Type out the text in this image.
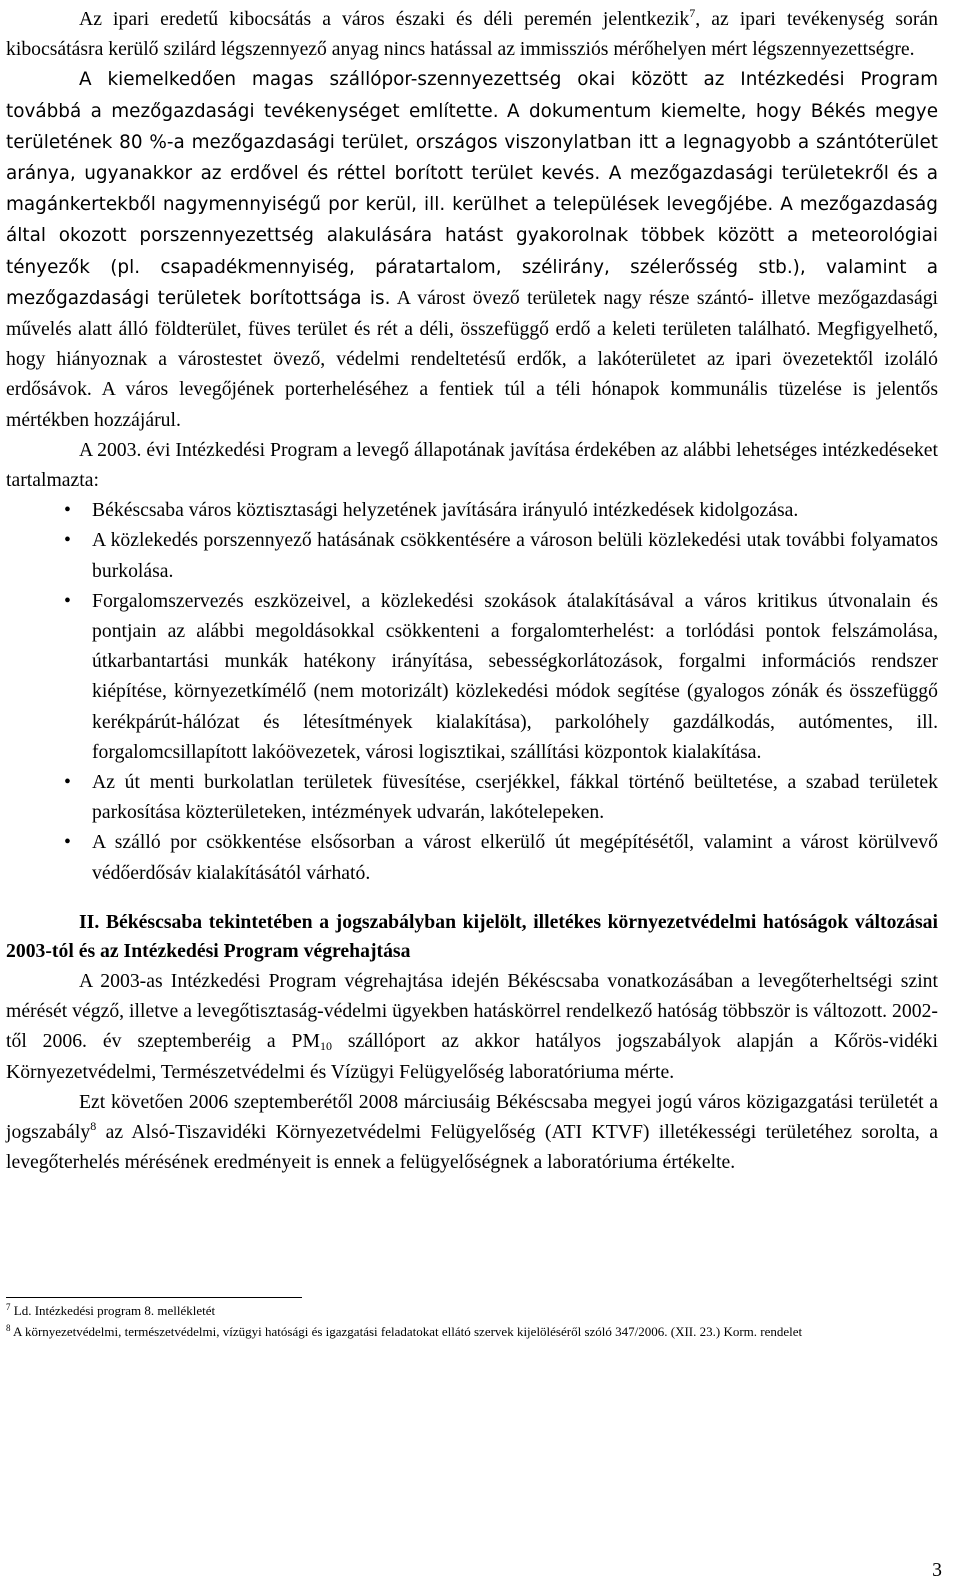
Az ipari eredetű kibocsátás a város északi és déli peremén jelentkezik$^7$, az ipari tevékenység során kibocsátásra kerülő szilárd légszennyező anyag nincs hatással az immissziós mérőhelyen mért légszennyezettségre.
A kiemelkedően magas szállópor-szennyezettség okai között az Intézkedési Program továbbá a mezőgazdasági tevékenységet említette. A dokumentum kiemelte, hogy Békés megye területének 80 %-a mezőgazdasági terület, országos viszonylatban itt a legnagyobb a szántóterület aránya, ugyanakkor az erdővel és réttel borított terület kevés. A mezőgazdasági területekről és a magánkertekből nagymennyiségű por kerül, ill. kerülhet a települések levegőjébe. A mezőgazdaság által okozott porszennyezettség alakulására hatást gyakorolnak többek között a meteorológiai tényezők (pl. csapadékmennyiség, páratartalom, szélirány, szélerősség stb.), valamint a mezőgazdasági területek borítottsága is. A várost övező területek nagy része szántó- illetve mezőgazdasági művelés alatt álló földterület, füves terület és rét a déli, összefüggő erdő a keleti területen található. Megfigyelhető, hogy hiányoznak a várostestet övező, védelmi rendeltetésű erdők, a lakóterületet az ipari övezetektől izoláló erdősávok. A város levegőjének porterheléséhez a fentiek túl a téli hónapok kommunális tüzelése is jelentős mértékben hozzájárul.

A 2003. évi Intézkedési Program a levegő állapotának javítása érdekében az alábbi lehetséges intézkedéseket tartalmazta:

• Békéscsaba város köztisztasági helyzetének javítására irányuló intézkedések kidolgozása.
• A közlekedés porszennyező hatásának csökkentésére a városon belüli közlekedési utak további folyamatos burkolása.
• Forgalomszervezés eszközeivel, a közlekedési szokások átalakításával a város kritikus útvonalain és pontjain az alábbi megoldásokkal csökkenteni a forgalomterhelést: a torlódási pontok felszámolása, útkarbantartási munkák hatékony irányítása, sebességkorlátozások, forgalmi információs rendszer kiépítése, környezetkímélő (nem motorizált) közlekedési módok segítése (gyalogos zónák és összefüggő kerékpárút-hálózat és létesítmények kialakítása), parkolóhely gazdálkodás, autómentes, ill. forgalomcsillapított lakóövezetek, városi logisztikai, szállítási központok kialakítása.
• Az út menti burkolatlan területek füvesítése, cserjékkel, fákkal történő beültetése, a szabad területek parkosítása közterületeken, intézmények udvarán, lakótelepeken.
• A szálló por csökkentése elsősorban a várost elkerülő út megépítésétől, valamint a várost körülvevő védőerdősáv kialakításától várható.
II. Békéscsaba tekintetében a jogszabályban kijelölt, illetékes környezetvédelmi hatóságok változásai 2003-tól és az Intézkedési Program végrehajtása

A 2003-as Intézkedési Program végrehajtása idején Békéscsaba vonatkozásában a levegőterheltségi szint mérését végző, illetve a levegőtisztaság-védelmi ügyekben hatáskörrel rendelkező hatóság többször is változott. 2002-től 2006. év szeptemberéig a $PM_{10}$ szállóport az akkor hatályos jogszabályok alapján a Kőrös-vidéki Környezetvédelmi, Természetvédelmi és Vízügyi Felügyelőség laboratóriuma mérte.

Ezt követően 2006 szeptemberétől 2008 márciusáig Békéscsaba megyei jogú város közigazgatási területét a jogszabály$^8$ az Alsó-Tiszavidéki Környezetvédelmi Felügyelőség (ATI KTVF) illetékességi területéhez sorolta, a levegőterhelés mérésének eredményeit is ennek a felügyelőségnek a laboratóriuma értékelte.

$^7$ Ld. Intézkedési program 8. mellékletét
$^8$ A környezetvédelmi, természetvédelmi, vízügyi hatósági és igazgatási feladatokat ellátó szervek kijelöléséről szóló 347/2006. (XII. 23.) Korm. rendelet
3
